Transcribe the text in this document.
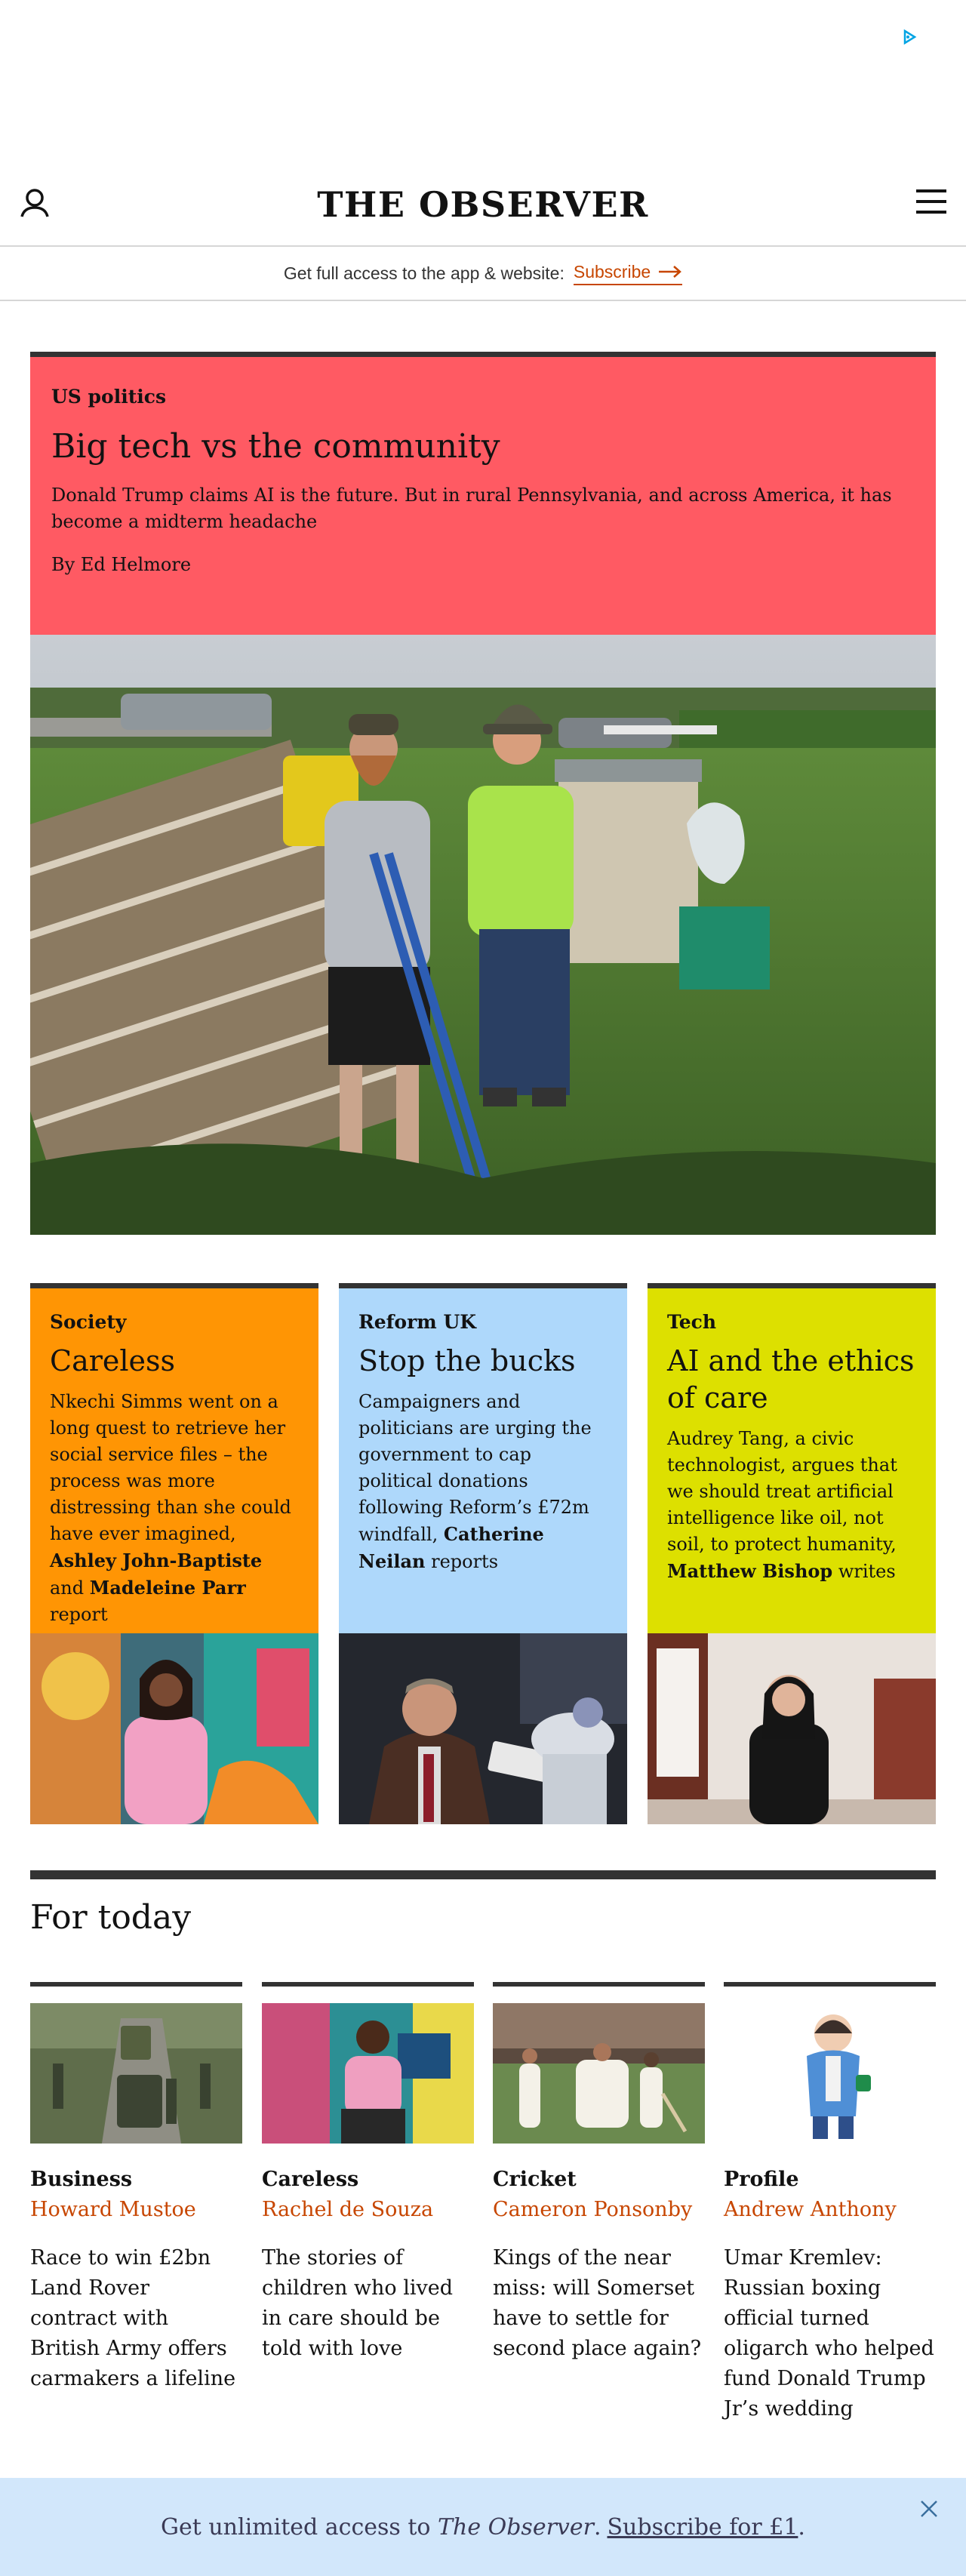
THE OBSERVER
Get full access to the app & website: Subscribe
US politics
Big tech vs the community
Donald Trump claims AI is the future. But in rural Pennsylvania, and across America, it has become a midterm headache
By Ed Helmore
Society
Careless
Nkechi Simms went on a long quest to retrieve her social service files – the process was more distressing than she could have ever imagined, Ashley John-Baptiste and Madeleine Parr report
Reform UK
Stop the bucks
Campaigners and politicians are urging the government to cap political donations following Reform’s £72m windfall, Catherine Neilan reports
Tech
AI and the ethics of care
Audrey Tang, a civic technologist, argues that we should treat artificial intelligence like oil, not soil, to protect humanity, Matthew Bishop writes
For today
Business
Howard Mustoe
Race to win £2bn Land Rover contract with British Army offers carmakers a lifeline
Careless
Rachel de Souza
The stories of children who lived in care should be told with love
Cricket
Cameron Ponsonby
Kings of the near miss: will Somerset have to settle for second place again?
Profile
Andrew Anthony
Umar Kremlev: Russian boxing official turned oligarch who helped fund Donald Trump Jr’s wedding
Get unlimited access to
The Observer . Subscribe for £1 .
